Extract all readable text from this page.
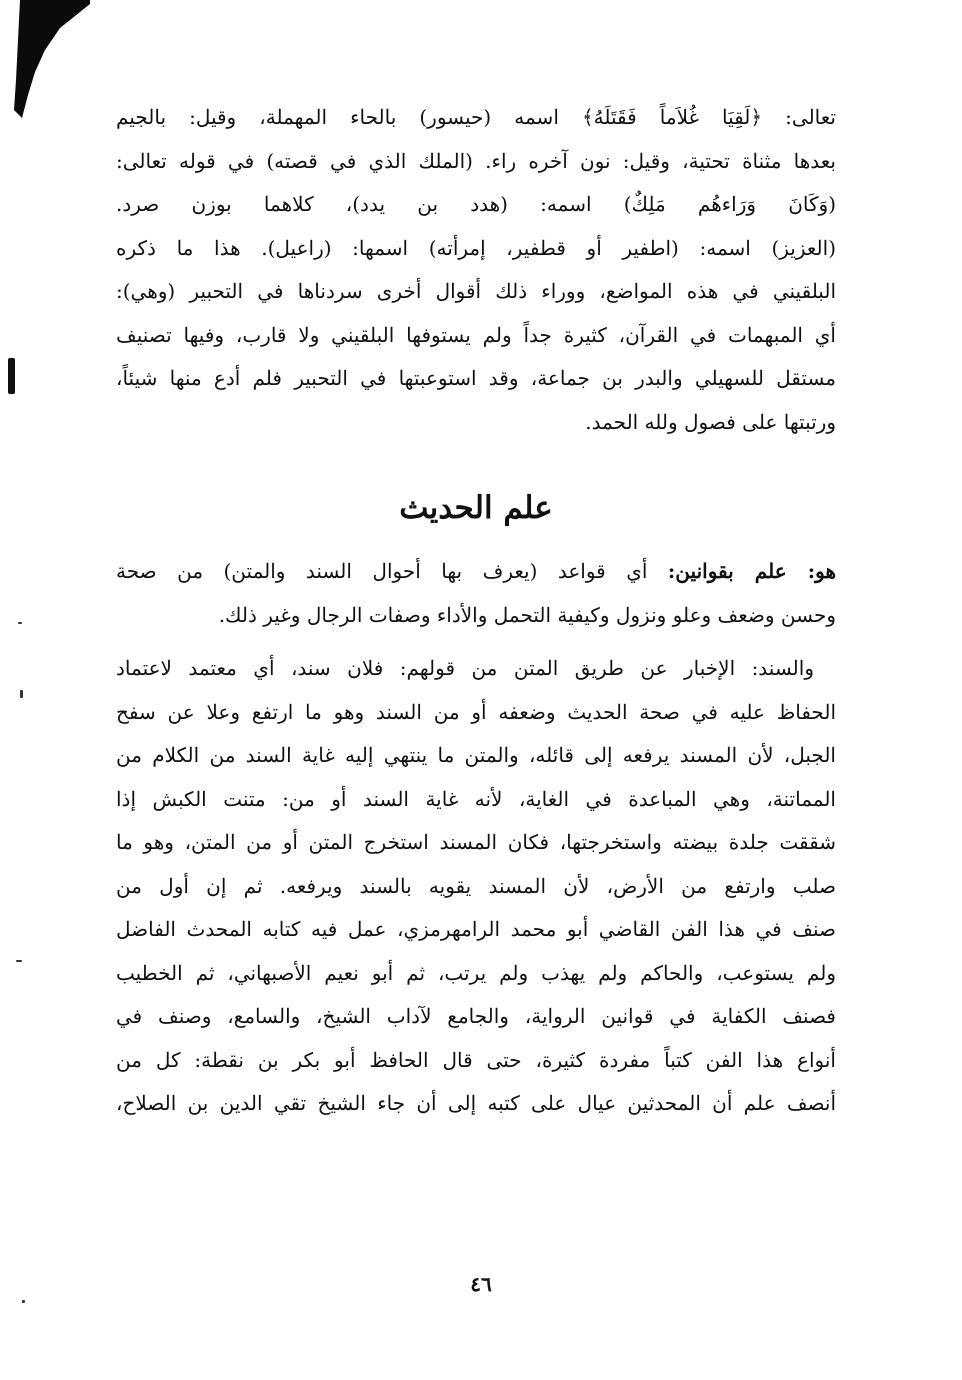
تعالى: ﴿لَقِيَا غُلاَماً فَقَتَلَهُ﴾ اسمه (حيسور) بالحاء المهملة، وقيل: بالجيم
بعدها مثناة تحتية، وقيل: نون آخره راء. (الملك الذي في قصته) في قوله تعالى:
(وَكَانَ وَرَاءهُم مَلِكٌ) اسمه: (هدد بن يدد)، كلاهما بوزن صرد.
(العزيز) اسمه: (اطفير أو قطفير، إمرأته) اسمها: (راعيل). هذا ما ذكره
البلقيني في هذه المواضع، ووراء ذلك أقوال أخرى سردناها في التحبير (وهي):
أي المبهمات في القرآن، كثيرة جداً ولم يستوفها البلقيني ولا قارب، وفيها تصنيف
مستقل للسهيلي والبدر بن جماعة، وقد استوعبتها في التحبير فلم أدع منها شيئاً،
ورتبتها على فصول ولله الحمد.

علم الحديث

هو: علم بقوانين: أي قواعد (يعرف بها أحوال السند والمتن) من صحة
وحسن وضعف وعلو ونزول وكيفية التحمل والأداء وصفات الرجال وغير ذلك.

والسند: الإخبار عن طريق المتن من قولهم: فلان سند، أي معتمد لاعتماد
الحفاظ عليه في صحة الحديث وضعفه أو من السند وهو ما ارتفع وعلا عن سفح
الجبل، لأن المسند يرفعه إلى قائله، والمتن ما ينتهي إليه غاية السند من الكلام من
المماتنة، وهي المباعدة في الغاية، لأنه غاية السند أو من: متنت الكبش إذا
شققت جلدة بيضته واستخرجتها، فكان المسند استخرج المتن أو من المتن، وهو ما
صلب وارتفع من الأرض، لأن المسند يقويه بالسند ويرفعه. ثم إن أول من
صنف في هذا الفن القاضي أبو محمد الرامهرمزي، عمل فيه كتابه المحدث الفاضل
ولم يستوعب، والحاكم ولم يهذب ولم يرتب، ثم أبو نعيم الأصبهاني، ثم الخطيب
فصنف الكفاية في قوانين الرواية، والجامع لآداب الشيخ، والسامع، وصنف في
أنواع هذا الفن كتباً مفردة كثيرة، حتى قال الحافظ أبو بكر بن نقطة: كل من
أنصف علم أن المحدثين عيال على كتبه إلى أن جاء الشيخ تقي الدين بن الصلاح،

٤٦
